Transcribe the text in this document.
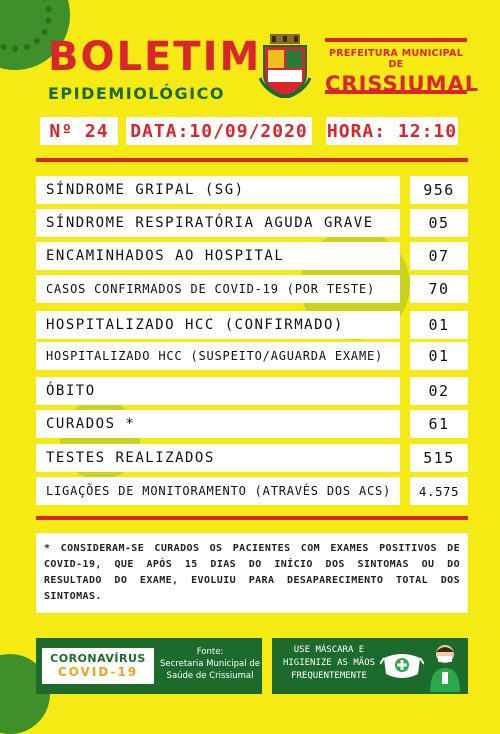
BOLETIM
EPIDEMIOLÓGICO
PREFEITURA MUNICIPAL DE
CRISSIUMAL
Nº 24	DATA:10/09/2020 HORA: 12:10
SÍNDROME GRIPAL (SG)	956
SÍNDROME RESPIRATÓRIA AGUDA GRAVE	05
ENCAMINHADOS AO HOSPITAL	07
CASOS CONFIRMADOS DE COVID-19 (POR TESTE)	70
HOSPITALIZADO HCC (CONFIRMADO)	01
HOSPITALIZADO HCC (SUSPEITO/AGUARDA EXAME)	01
ÓBITO	02
CURADOS *	61
TESTES REALIZADOS	515
LIGAÇÕES DE MONITORAMENTO (ATRAVÉS DOS ACS)	4.575
* CONSIDERAM-SE CURADOS OS PACIENTES COM EXAMES POSITIVOS DE COVID-19, QUE APÓS 15 DIAS DO INÍCIO DOS SINTOMAS OU DO RESULTADO DO EXAME, EVOLUIU PARA DESAPARECIMENTO TOTAL DOS SINTOMAS.
CORONAVÍRUS
COVID-19
Fonte:
Secretaria Municipal de Saúde de Crissiumal
USE MÁSCARA E HIGIENIZE AS MÃOS FREQUENTEMENTE
